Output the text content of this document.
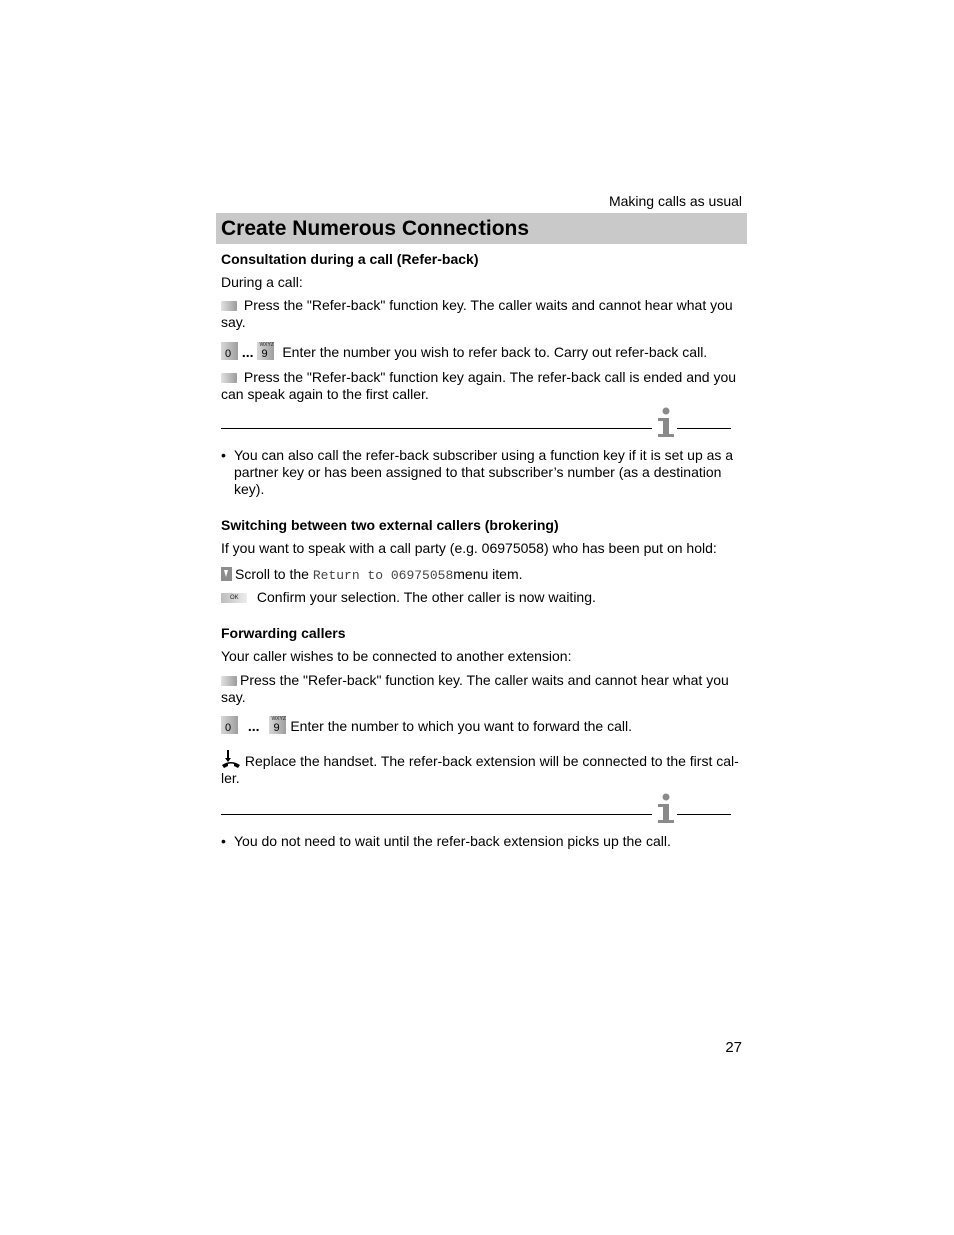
Making calls as usual
Create Numerous Connections
Consultation during a call (Refer-back)
During a call:
Press the "Refer-back" function key. The caller waits and cannot hear what you say.
0 ... WXYZ
9 Enter the number you wish to refer back to. Carry out refer-back call.
Press the "Refer-back" function key again. The refer-back call is ended and you can speak again to the first caller.
• You can also call the refer-back subscriber using a function key if it is set up as a partner key or has been assigned to that subscriber’s number (as a destination key).
Switching between two external callers (brokering)
If you want to speak with a call party (e.g. 06975058) who has been put on hold:
Scroll to the Return to 06975058menu item.
OK Confirm your selection. The other caller is now waiting.
Forwarding callers
Your caller wishes to be connected to another extension:
Press the "Refer-back" function key. The caller waits and cannot hear what you say.
0 ... WXYZ
9 Enter the number to which you want to forward the call.
Replace the handset. The refer-back extension will be connected to the first cal-ler.
• You do not need to wait until the refer-back extension picks up the call.
27
